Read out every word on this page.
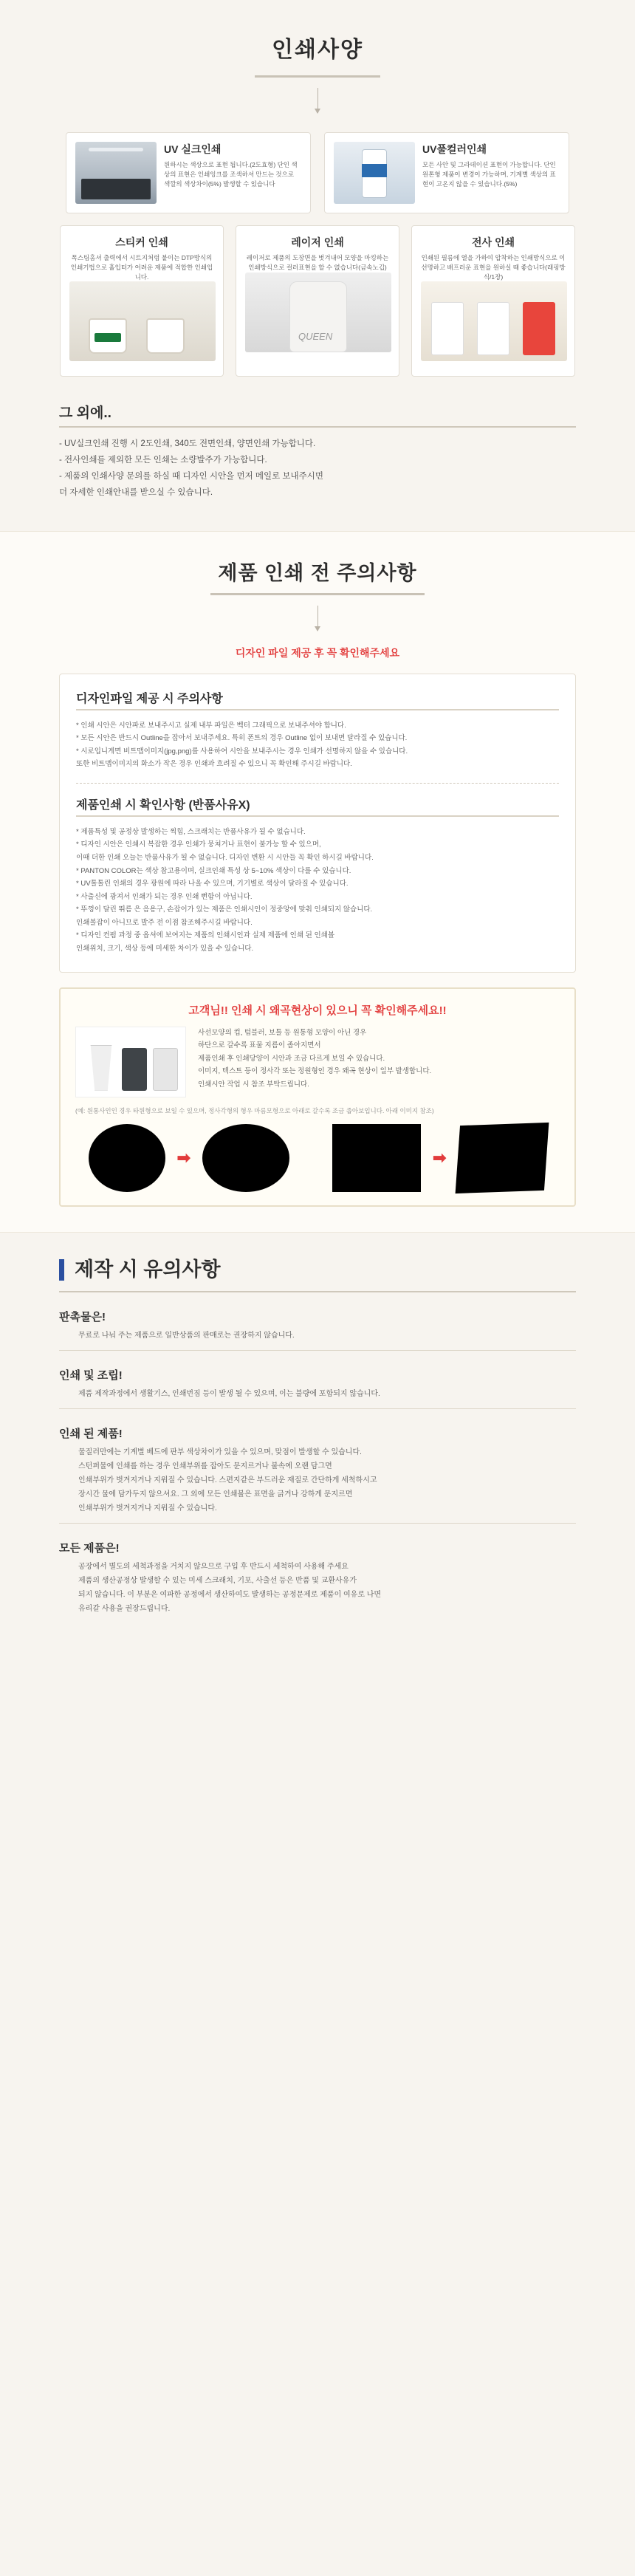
인쇄사양
UV 실크인쇄
원하시는 색상으로 표현 됩니다.(2도효형) 단인 색상의 표현은 인쇄잉크를 조색하셔 만드는 것으로 색깔의 색상차이(5%) 발생할 수 있습니다
UV풀컬러인쇄
모든 사안 및 그라데이션 표현이 가능합니다. 단인 원톤형 제품이 변경이 가능하며, 기계별 색상의 표현이 고온지 않을 수 있습니다.(5%)
스티커 인쇄
폭스팀홈셔 출력에서 시트지처럼 붙이는 DTP방식의 인쇄기법으로 홀입터가 어려운 제품에 적합한 인쇄입니다.
레이저 인쇄
레이저로 제품의 도장면을 벗겨내어 모양을 마킹하는 인쇄방식으로 컬러표현을 할 수 없습니다(금속노깁)
QUEEN
전사 인쇄
인쇄된 필름에 열을 가하여 압착하는 인쇄방식으로 이 선명하고 배프러운 표현을 원하실 때 좋습니다(래핑방식/1장)
그 외에..

- UV실크인쇄 진행 시 2도인쇄, 340도 전면인쇄, 양면인쇄 가능합니다.

- 전사인쇄를 제외한 모든 인쇄는 소량발주가 가능합니다.

- 제품의 인쇄사양 문의를 하실 때 디자인 시안을 먼저 메일로 보내주시면

더 자세한 인쇄안내를 받으실 수 있습니다.

제품 인쇄 전 주의사항
디자인 파일 제공 후 꼭 확인해주세요
디자인파일 제공 시 주의사항
* 인쇄 시안은 시안파로 보내주시고 실제 내부 파일은 벡터 그래픽으로 보내주셔야 합니다.
* 모든 시안은 반드시 Outline을 잡아서 보내주세요. 특히 폰트의 경우 Outline 없이 보내면 달라질 수 있습니다.
* 시로입니게면 비트맵이미지(jpg,png)를 사용하여 시안을 보내주시는 경우 인쇄가 선명하지 않을 수 있습니다.
또한 비트맵이미지의 화소가 작은 경우 인쇄과 흐려질 수 있으니 꼭 확인해 주시길 바랍니다.
제품인쇄 시 확인사항 (반품사유X)
* 제품특성 및 공정상 발생하는 찍힘, 스크래치는 반품사유가 될 수 없습니다.
* 디자인 시안은 인쇄시 복잡한 경우 인쇄가 뭉쳐거나 표현이 불가능 할 수 있으며,
이때 더한 인쇄 오늘는 반품사유가 될 수 없습니다. 디자인 변환 시 시안들 꼭 확인 하시길 바랍니다.
* PANTON COLOR는 색상 참고용이며, 실크인쇄 특성 상 5~10% 색상이 다를 수 있습니다.
* UV톨톨린 인쇄의 경우 광원에 따라 나올 수 있으며, 기기별로 색상이 달라질 수 있습니다.
* 사출신에 광져서 인쇄가 되는 경우 인쇄 뻔함이 아닙니다.
* 뚜껑이 달린 뛰름 은 음용구, 손잡이가 있는 제품은 인쇄시인이 정중앙에 맞춰 인쇄되지 않습니다.
인쇄볼잡이 아니므로 발주 전 이점 참조해주시길 바랍니다.
* 디자인 컨펌 과정 중 옵셔에 보여지는 제품의 인쇄시인과 실제 제품에 인쇄 된 인쇄볼
인쇄위치, 크기, 색상 등에 미세한 차이가 있을 수 있습니다.
고객님!! 인쇄 시 왜곡현상이 있으니 꼭 확인해주세요!!
사선모양의 컵, 텀블러, 보틀 등 원통형 모양이 아닌 경우
하단으로 갈수록 표물 지름이 좁아지면서
제품인쇄 후 인쇄당양이 시안과 조금 다르게 보일 수 있습니다.
이미지, 텍스트 등이 정사각 또는 정원형인 경우 왜곡 현상이 일부 발생합니다.
인쇄시안 작업 시 참조 부탁드립니다.
(예: 원통사인인 경우 타원형으로 보일 수 있으며, 정사각형의 형우 마름모형으로 아래로 갈수록 조금 좁아보입니다. 아래 이미지 참조)
➡	➡
제작 시 유의사항
판촉물은!
무료로 나눠 주는 제품으로 일반상품의 판매로는 권장하지 않습니다.
인쇄 및 조립!
제품 제작과정에서 생활기스, 인쇄번짐 등이 발생 될 수 있으며, 이는 불량에 포함되지 않습니다.
인쇄 된 제품!
물질러만에는 기계별 베드에 판부 색상차이가 있을 수 있으며, 맞점이 발생할 수 있습니다.
스턴퍼물에 인쇄를 하는 경우 인쇄부위를 잡아도 문지르거나 불속에 오랜 담그면
인쇄부위가 벗겨지거나 지워질 수 있습니다. 스편지같은 부드러운 재질로 간단하게 세척하시고
장시간 물에 담가두지 않으셔요. 그 외에 모든 인쇄볼은 표면을 긁거나 강하게 문지르면
인쇄부위가 벗겨지거나 지워질 수 있습니다.
모든 제품은!
공장에서 별도의 세척과정을 거치지 않으므로 구입 후 반드시 세척하여 사용해 주세요
제품의 생산공정상 발생할 수 있는 미세 스크래치, 기포, 사출선 등은 반품 및 교환사유가
되지 않습니다. 이 부분은 여파한 공정에서 생산하여도 발생하는 공정문제로 제품이 여유로 나면
유리같 사용을 권장드립니다.
